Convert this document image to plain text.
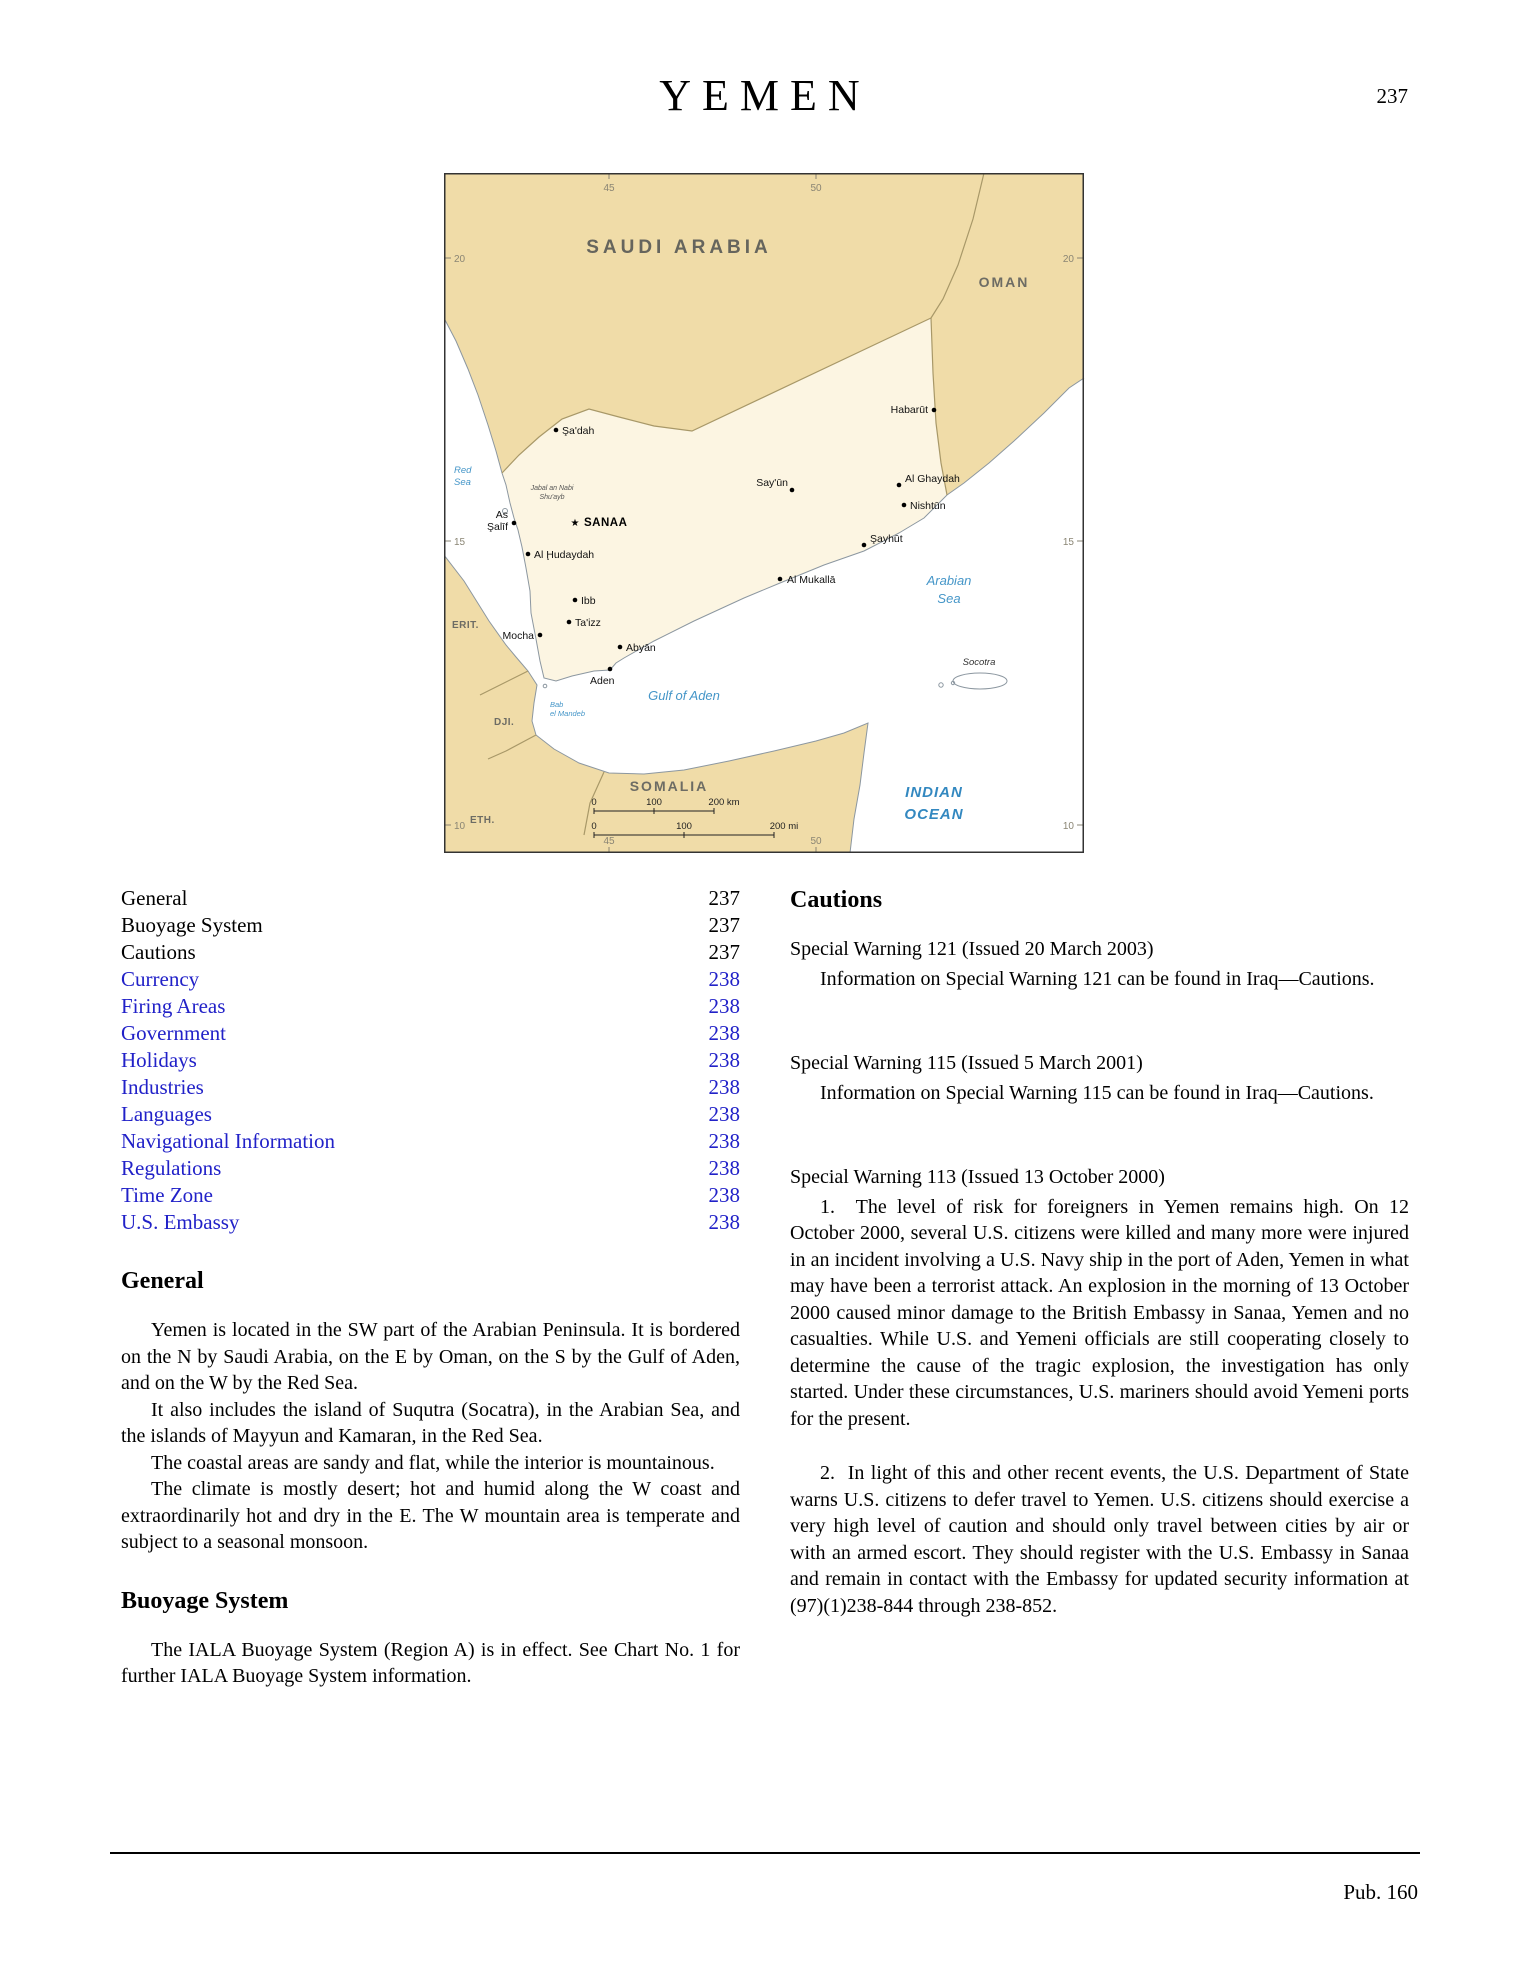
YEMEN	237
45	50
45	50
20
15
10
20
15
10
SAUDI ARABIA
OMAN
SOMALIA
ERIT.
DJI.
ETH.
Red
Sea
Gulf of Aden
Arabian
Sea
INDIAN
OCEAN
Bab
el Mandeb
Socotra
Jabal an Nabi
Shu'ayb
★ SANAA
Şa'dah
Say'ūn
Habarūt
Al Ghaydah
Nishtūn
Şayhūt
Al Mukallā
Al Ḩudaydah
Ibb
Ta'izz
Mocha
Abyān
Aden
As
Şalīf
0	100	200 km
0	100	200 mi
General	237
Buoyage System	237
Cautions	237
Currency	238
Firing Areas	238
Government	238
Holidays	238
Industries	238
Languages	238
Navigational Information	238
Regulations	238
Time Zone	238
U.S. Embassy	238
General

Yemen is located in the SW part of the Arabian Peninsula. It is bordered on the N by Saudi Arabia, on the E by Oman, on the S by the Gulf of Aden, and on the W by the Red Sea.

It also includes the island of Suqutra (Socatra), in the Arabian Sea, and the islands of Mayyun and Kamaran, in the Red Sea.

The coastal areas are sandy and flat, while the interior is mountainous.

The climate is mostly desert; hot and humid along the W coast and extraordinarily hot and dry in the E. The W mountain area is temperate and subject to a seasonal monsoon.

Buoyage System

The IALA Buoyage System (Region A) is in effect. See Chart No. 1 for further IALA Buoyage System information.

Cautions

Special Warning 121 (Issued 20 March 2003)

Information on Special Warning 121 can be found in Iraq—Cautions.

Special Warning 115 (Issued 5 March 2001)

Information on Special Warning 115 can be found in Iraq—Cautions.

Special Warning 113 (Issued 13 October 2000)

1.  The level of risk for foreigners in Yemen remains high. On 12 October 2000, several U.S. citizens were killed and many more were injured in an incident involving a U.S. Navy ship in the port of Aden, Yemen in what may have been a terrorist attack. An explosion in the morning of 13 October 2000 caused minor damage to the British Embassy in Sanaa, Yemen and no casualties. While U.S. and Yemeni officials are still cooperating closely to determine the cause of the tragic explosion, the investigation has only started. Under these circumstances, U.S. mariners should avoid Yemeni ports for the present.

2.  In light of this and other recent events, the U.S. Department of State warns U.S. citizens to defer travel to Yemen. U.S. citizens should exercise a very high level of caution and should only travel between cities by air or with an armed escort. They should register with the U.S. Embassy in Sanaa and remain in contact with the Embassy for updated security information at (97)(1)238-844 through 238-852.

Pub. 160
